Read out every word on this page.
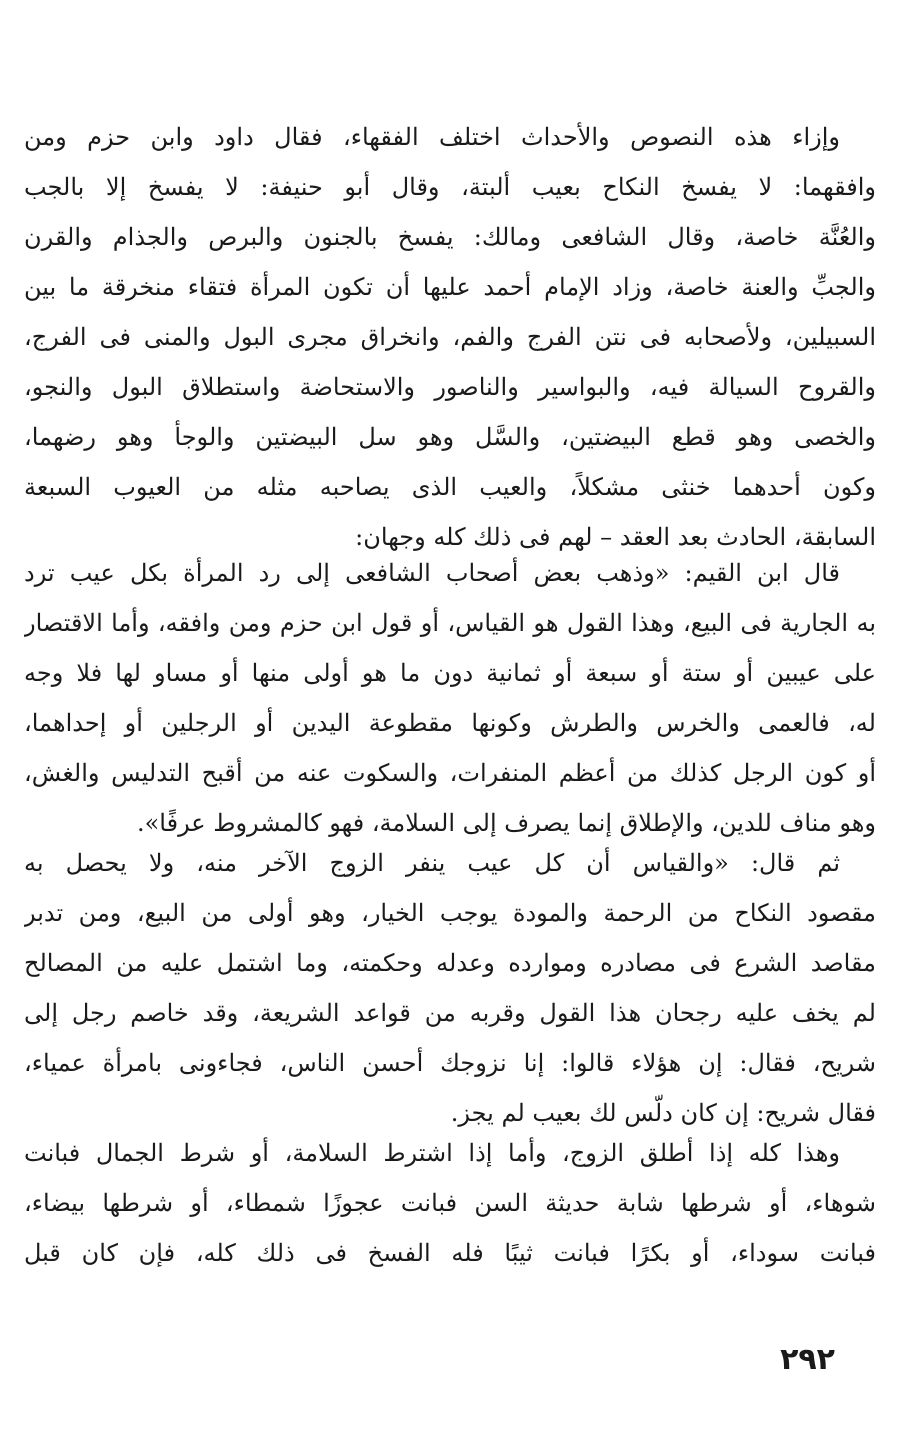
وإزاء هذه النصوص والأحداث اختلف الفقهاء، فقال داود وابن حزم ومن
وافقهما: لا يفسخ النكاح بعيب ألبتة، وقال أبو حنيفة: لا يفسخ إلا بالجب
والعُنَّة خاصة، وقال الشافعى ومالك: يفسخ بالجنون والبرص والجذام والقرن
والجبِّ والعنة خاصة، وزاد الإمام أحمد عليها أن تكون المرأة فتقاء منخرقة ما بين
السبيلين، ولأصحابه فى نتن الفرج والفم، وانخراق مجرى البول والمنى فى الفرج،
والقروح السيالة فيه، والبواسير والناصور والاستحاضة واستطلاق البول والنجو،
والخصى وهو قطع البيضتين، والسَّل وهو سل البيضتين والوجأ وهو رضهما،
وكون أحدهما خنثى مشكلاً، والعيب الذى يصاحبه مثله من العيوب السبعة
السابقة، الحادث بعد العقد – لهم فى ذلك كله وجهان:
قال ابن القيم: «وذهب بعض أصحاب الشافعى إلى رد المرأة بكل عيب ترد
به الجارية فى البيع، وهذا القول هو القياس، أو قول ابن حزم ومن وافقه، وأما الاقتصار
على عيبين أو ستة أو سبعة أو ثمانية دون ما هو أولى منها أو مساو لها فلا وجه
له، فالعمى والخرس والطرش وكونها مقطوعة اليدين أو الرجلين أو إحداهما،
أو كون الرجل كذلك من أعظم المنفرات، والسكوت عنه من أقبح التدليس والغش،
وهو مناف للدين، والإطلاق إنما يصرف إلى السلامة، فهو كالمشروط عرفًا».
ثم قال: «والقياس أن كل عيب ينفر الزوج الآخر منه، ولا يحصل به
مقصود النكاح من الرحمة والمودة يوجب الخيار، وهو أولى من البيع، ومن تدبر
مقاصد الشرع فى مصادره وموارده وعدله وحكمته، وما اشتمل عليه من المصالح
لم يخف عليه رجحان هذا القول وقربه من قواعد الشريعة، وقد خاصم رجل إلى
شريح، فقال: إن هؤلاء قالوا: إنا نزوجك أحسن الناس، فجاءونى بامرأة عمياء،
فقال شريح: إن كان دلّس لك بعيب لم يجز.
وهذا كله إذا أطلق الزوج، وأما إذا اشترط السلامة، أو شرط الجمال فبانت
شوهاء، أو شرطها شابة حديثة السن فبانت عجوزًا شمطاء، أو شرطها بيضاء،
فبانت سوداء، أو بكرًا فبانت ثيبًا فله الفسخ فى ذلك كله، فإن كان قبل
٢٩٢
